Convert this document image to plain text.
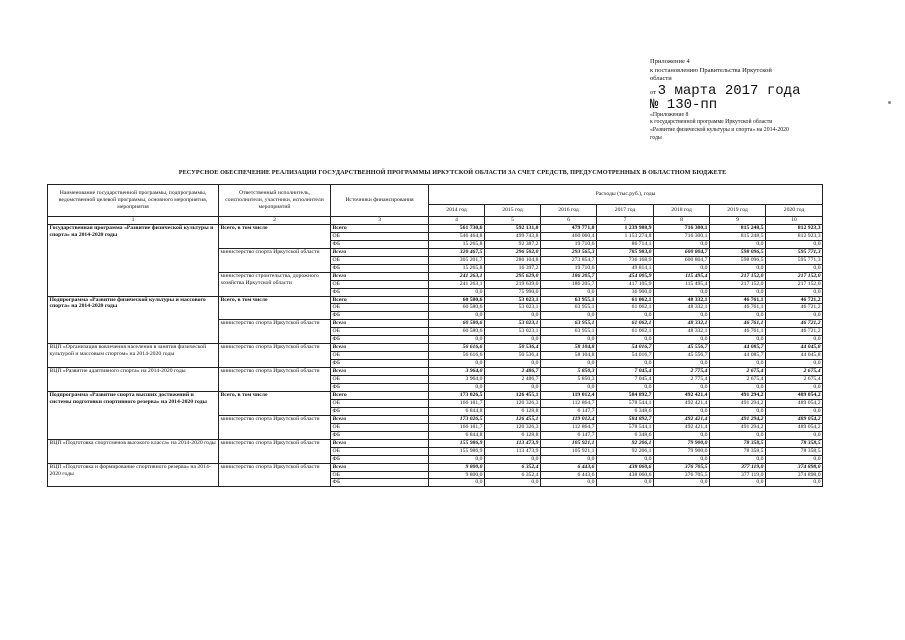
Приложение 4
к постановлению Правительства Иркутской
области
от 3 марта 2017 года
№ 130-пп
«Приложение 8
к государственной программе Иркутской области
«Развитие физической культуры и спорта» на 2014-2020
годы
РЕСУРСНОЕ ОБЕСПЕЧЕНИЕ РЕАЛИЗАЦИИ ГОСУДАРСТВЕННОЙ ПРОГРАММЫ ИРКУТСКОЙ ОБЛАСТИ ЗА СЧЕТ СРЕДСТВ, ПРЕДУСМОТРЕННЫХ В ОБЛАСТНОМ БЮДЖЕТЕ
Наименование государственной программы, подпрограммы, ведомственной целевой программы, основного мероприятия, мероприятия	Ответственный исполнитель, соисполнители, участники, исполнители мероприятий	Источники финансирования	Расходы (тыс.руб.), годы						
			2014 год	2015 год	2016 год	2017 год	2018 год	2019 год	2020 год
1	2	3	4	5	6	7	8	9	10
Государственная программа «Развитие физической культуры и спорта» на 2014-2020 годы	Всего, в том числе	Всего	561 730,6	592 131,0	479 771,0	1 239 988,9	716 300,1	815 248,5	812 923,3
		ОБ	546 464,8	499 743,8	460 060,4	1 153 274,8	716 300,1	815 248,5	812 923,3
		ФБ	15 265,8	92 387,2	19 710,6	86 714,1	0,0	0,0	0,0
	министерство спорта Иркутской области	Всего	320 467,5	296 502,0	293 565,3	785 983,0	600 804,7	598 096,5	595 771,3
		ОБ	305 201,7	280 104,8	273 854,7	736 168,9	600 804,7	598 096,5	595 771,3
		ФБ	15 265,8	16 397,2	19 710,6	49 814,1	0,0	0,0	0,0
	министерство строительства, дорожного хозяйства Иркутской области	Всего	241 263,1	295 629,0	186 205,7	454 005,9	115 495,4	217 152,0	217 152,0
		ОБ	241 263,1	219 639,0	186 205,7	417 105,9	115 495,4	217 152,0	217 152,0
		ФБ	0,0	75 990,0	0,0	36 900,0	0,0	0,0	0,0
Подпрограмма «Развитие физической культуры и массового спорта» на 2014-2020 годы	Всего, в том числе	Всего	60 580,6	53 023,1	63 955,1	61 062,1	48 332,1	46 761,1	46 721,2
		ОБ	60 580,6	53 023,1	63 955,1	61 062,1	48 332,1	46 761,1	46 721,2
		ФБ	0,0	0,0	0,0	0,0	0,0	0,0	0,0
	министерство спорта Иркутской области	Всего	60 580,6	53 023,1	63 955,1	61 062,1	48 332,1	46 761,1	46 721,2
		ОБ	60 580,6	53 023,1	63 955,1	61 062,1	48 332,1	46 761,1	46 721,2
		ФБ	0,0	0,0	0,0	0,0	0,0	0,0	0,0
ВЦП «Организация вовлечения населения в занятия физической культурой и массовым спортом» на 2014-2020 годы	министерство спорта Иркутской области	Всего	56 616,6	50 536,4	58 104,8	54 016,7	45 556,7	44 085,7	44 045,8
		ОБ	56 616,6	50 536,4	58 104,8	54 016,7	45 556,7	44 085,7	44 045,8
		ФБ	0,0	0,0	0,0	0,0	0,0	0,0	0,0
ВЦП «Развитие адаптивного спорта» на 2014-2020 годы	министерство спорта Иркутской области	Всего	3 964,0	2 486,7	5 850,3	7 045,4	2 775,4	2 675,4	2 675,4
		ОБ	3 964,0	2 486,7	5 850,3	7 045,4	2 775,4	2 675,4	2 675,4
		ФБ	0,0	0,0	0,0	0,0	0,0	0,0	0,0
Подпрограмма «Развитие спорта высших достижений и системы подготовки спортивного резерва» на 2014-2020 годы	Всего, в том числе	Всего	173 026,5	126 455,1	119 012,4	584 892,7	492 421,4	491 294,2	489 054,2
		ОБ	166 181,7	120 326,3	112 864,7	578 544,1	492 421,4	491 294,2	489 054,2
		ФБ	6 844,8	6 128,8	6 147,7	6 348,6	0,0	0,0	0,0
	министерство спорта Иркутской области	Всего	173 026,5	126 455,1	119 012,4	584 892,7	492 421,4	491 294,2	489 054,2
		ОБ	166 181,7	120 326,3	112 864,7	578 544,1	492 421,4	491 294,2	489 054,2
		ФБ	6 844,8	6 128,8	6 147,7	6 348,6	0,0	0,0	0,0
ВЦП «Подготовка спортсменов высокого класса» на 2014-2020 годы	министерство спорта Иркутской области	Всего	155 986,9	113 473,9	105 921,1	92 206,1	79 900,0	78 358,5	78 358,5
		ОБ	155 986,9	113 473,9	105 921,1	92 206,1	79 900,0	78 358,5	78 358,5
		ФБ	0,0	0,0	0,0	0,0	0,0	0,0	0,0
ВЦП «Подготовка и формирование спортивного резерва» на 2014-2020 годы	министерство спорта Иркутской области	Всего	9 800,0	6 352,4	6 443,6	438 060,6	376 705,5	377 119,0	374 898,0
		ОБ	9 800,0	6 352,4	6 443,6	438 060,6	376 705,5	377 119,0	374 898,0
		ФБ	0,0	0,0	0,0	0,0	0,0	0,0	0,0
